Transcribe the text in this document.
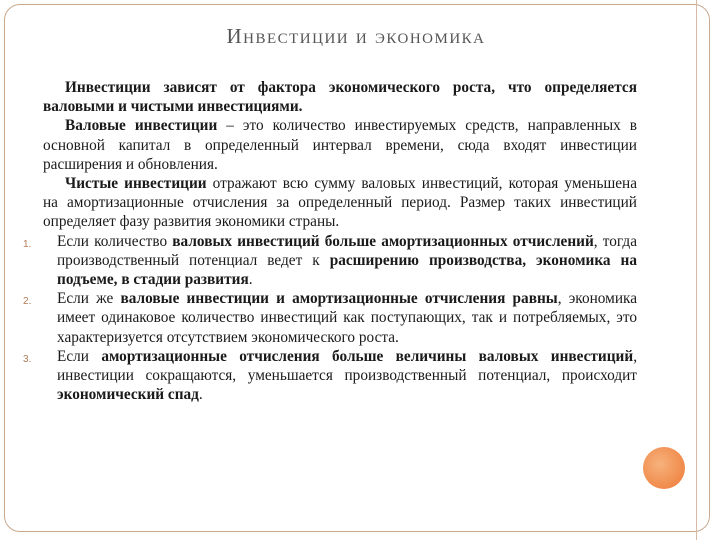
Инвестиции и экономика

Инвестиции зависят от фактора экономического роста, что определяется валовыми и чистыми инвестициями.

Валовые инвестиции – это количество инвестируемых средств, направленных в основной капитал в определенный интервал времени, сюда входят инвестиции расширения и обновления.

Чистые инвестиции отражают всю сумму валовых инвестиций, которая уменьшена на амортизационные отчисления за определенный период. Размер таких инвестиций определяет фазу развития экономики страны.

1. Если количество валовых инвестиций больше амортизационных отчислений, тогда производственный потенциал ведет к расширению производства, экономика на подъеме, в стадии развития.

2. Если же валовые инвестиции и амортизационные отчисления равны, экономика имеет одинаковое количество инвестиций как поступающих, так и потребляемых, это характеризуется отсутствием экономического роста.

3. Если амортизационные отчисления больше величины валовых инвестиций, инвестиции сокращаются, уменьшается производственный потенциал, происходит экономический спад.
